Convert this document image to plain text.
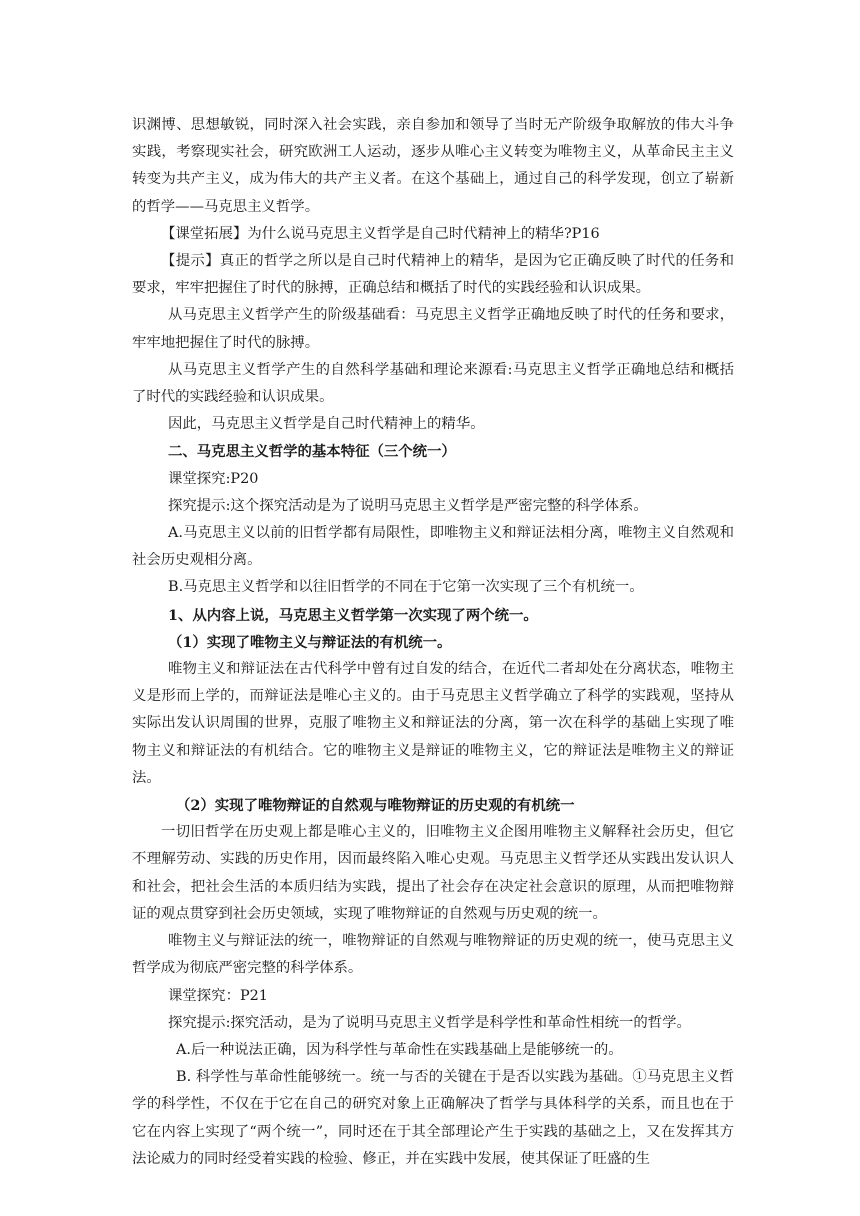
识渊博、思想敏锐，同时深入社会实践，亲自参加和领导了当时无产阶级争取解放的伟大斗争实践，考察现实社会，研究欧洲工人运动，逐步从唯心主义转变为唯物主义，从革命民主主义转变为共产主义，成为伟大的共产主义者。在这个基础上，通过自己的科学发现，创立了崭新的哲学——马克思主义哲学。

【课堂拓展】为什么说马克思主义哲学是自己时代精神上的精华?P16

【提示】真正的哲学之所以是自己时代精神上的精华，是因为它正确反映了时代的任务和要求，牢牢把握住了时代的脉搏，正确总结和概括了时代的实践经验和认识成果。

从马克思主义哲学产生的阶级基础看：马克思主义哲学正确地反映了时代的任务和要求，牢牢地把握住了时代的脉搏。

从马克思主义哲学产生的自然科学基础和理论来源看:马克思主义哲学正确地总结和概括了时代的实践经验和认识成果。

因此，马克思主义哲学是自己时代精神上的精华。

二、马克思主义哲学的基本特征（三个统一）

课堂探究:P20

探究提示:这个探究活动是为了说明马克思主义哲学是严密完整的科学体系。

A.马克思主义以前的旧哲学都有局限性，即唯物主义和辩证法相分离，唯物主义自然观和社会历史观相分离。

B.马克思主义哲学和以往旧哲学的不同在于它第一次实现了三个有机统一。

1、从内容上说，马克思主义哲学第一次实现了两个统一。

（1）实现了唯物主义与辩证法的有机统一。

唯物主义和辩证法在古代科学中曾有过自发的结合，在近代二者却处在分离状态，唯物主义是形而上学的，而辩证法是唯心主义的。由于马克思主义哲学确立了科学的实践观，坚持从实际出发认识周围的世界，克服了唯物主义和辩证法的分离，第一次在科学的基础上实现了唯物主义和辩证法的有机结合。它的唯物主义是辩证的唯物主义，它的辩证法是唯物主义的辩证法。

（2）实现了唯物辩证的自然观与唯物辩证的历史观的有机统一

一切旧哲学在历史观上都是唯心主义的，旧唯物主义企图用唯物主义解释社会历史，但它不理解劳动、实践的历史作用，因而最终陷入唯心史观。马克思主义哲学还从实践出发认识人和社会，把社会生活的本质归结为实践，提出了社会存在决定社会意识的原理，从而把唯物辩证的观点贯穿到社会历史领域，实现了唯物辩证的自然观与历史观的统一。

唯物主义与辩证法的统一，唯物辩证的自然观与唯物辩证的历史观的统一，使马克思主义哲学成为彻底严密完整的科学体系。

课堂探究：P21

探究提示:探究活动，是为了说明马克思主义哲学是科学性和革命性相统一的哲学。

A.后一种说法正确，因为科学性与革命性在实践基础上是能够统一的。

B. 科学性与革命性能够统一。统一与否的关键在于是否以实践为基础。①马克思主义哲学的科学性，不仅在于它在自己的研究对象上正确解决了哲学与具体科学的关系，而且也在于它在内容上实现了“两个统一”，同时还在于其全部理论产生于实践的基础之上，又在发挥其方法论威力的同时经受着实践的检验、修正，并在实践中发展，使其保证了旺盛的生
